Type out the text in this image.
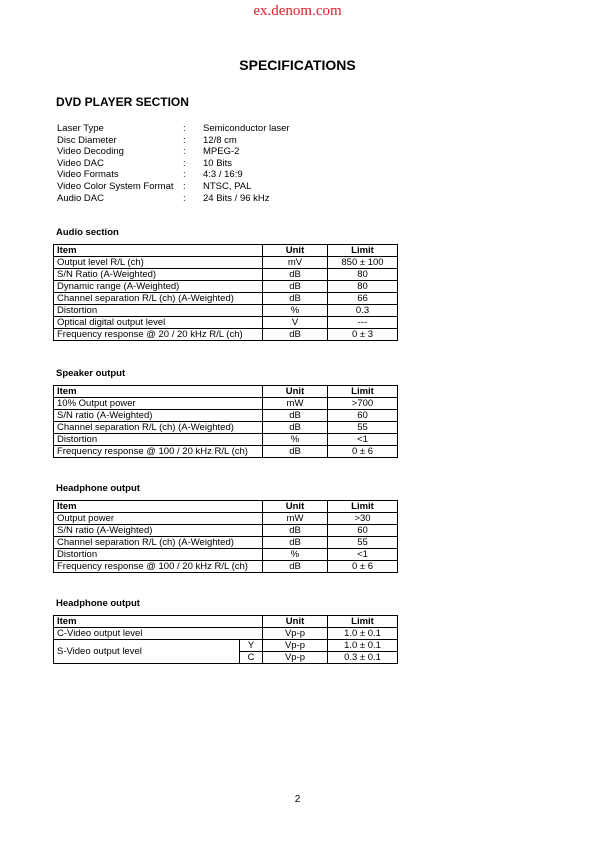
ex.denom.com
SPECIFICATIONS
DVD PLAYER SECTION
Laser Type	: Semiconductor laser
Disc Diameter	: 12/8 cm
Video Decoding	: MPEG-2
Video DAC	: 10 Bits
Video Formats	: 4:3 / 16:9
Video Color System Format : NTSC, PAL
Audio DAC	: 24 Bits / 96 kHz
Audio section
Item	Unit	Limit
Output level R/L (ch)	mV	850 ± 100
S/N Ratio (A-Weighted)	dB	80
Dynamic range (A-Weighted)	dB	80
Channel separation R/L (ch) (A-Weighted)	dB	66
Distortion	%	0.3
Optical digital output level	V	---
Frequency response @ 20 / 20 kHz R/L (ch)	dB	0 ± 3
Speaker output
Item	Unit	Limit
10% Output power	mW	>700
S/N ratio (A-Weighted)	dB	60
Channel separation R/L (ch) (A-Weighted)	dB	55
Distortion	%	<1
Frequency response @ 100 / 20 kHz R/L (ch)	dB	0 ± 6
Headphone output
Item	Unit	Limit
Output power	mW	>30
S/N ratio (A-Weighted)	dB	60
Channel separation R/L (ch) (A-Weighted)	dB	55
Distortion	%	<1
Frequency response @ 100 / 20 kHz R/L (ch)	dB	0 ± 6
Headphone output
Item		Unit	Limit
C-Video output level		Vp-p	1.0 ± 0.1
S-Video output level	Y	Vp-p	1.0 ± 0.1
	C	Vp-p	0.3 ± 0.1
2
